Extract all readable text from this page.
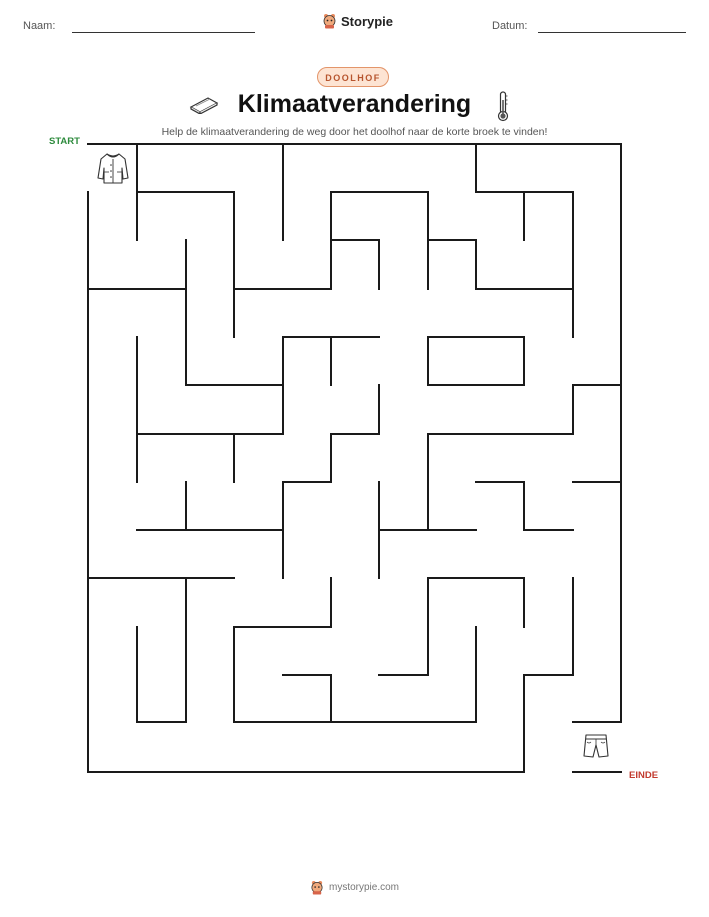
Naam:	Storypie	Datum:
DOOLHOF
Klimaatverandering
Help de klimaatverandering de weg door het doolhof naar de korte broek te vinden!
START
EINDE
mystorypie.com
